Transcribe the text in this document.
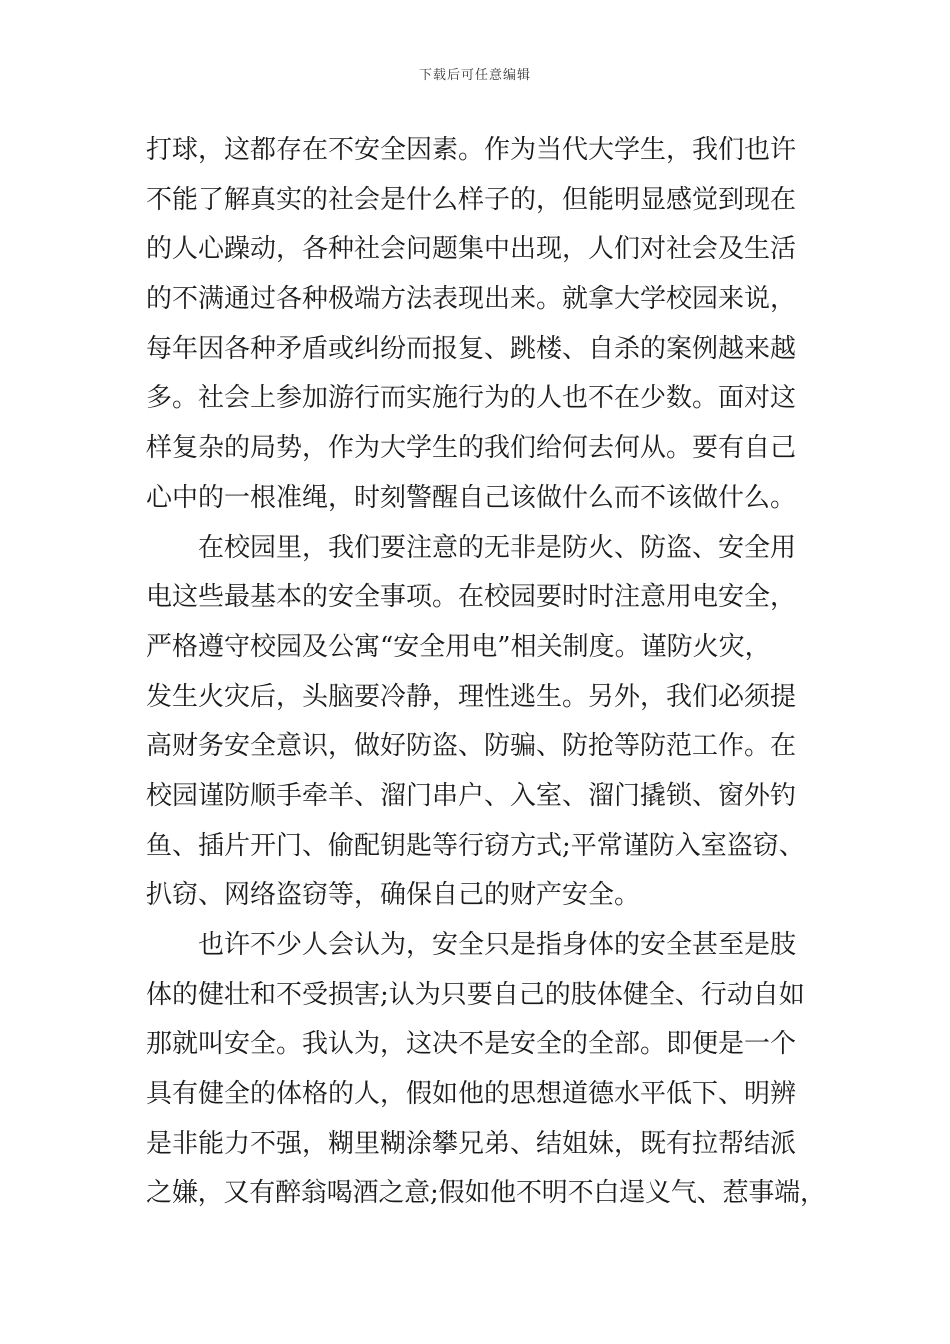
下载后可任意编辑
打球，这都存在不安全因素。作为当代大学生，我们也许
不能了解真实的社会是什么样子的，但能明显感觉到现在
的人心躁动，各种社会问题集中出现，人们对社会及生活
的不满通过各种极端方法表现出来。就拿大学校园来说，
每年因各种矛盾或纠纷而报复、跳楼、自杀的案例越来越
多。社会上参加游行而实施行为的人也不在少数。面对这
样复杂的局势，作为大学生的我们给何去何从。要有自己
心中的一根准绳，时刻警醒自己该做什么而不该做什么。
在校园里，我们要注意的无非是防火、防盗、安全用
电这些最基本的安全事项。在校园要时时注意用电安全，
严格遵守校园及公寓“安全用电”相关制度。谨防火灾，
发生火灾后，头脑要冷静，理性逃生。另外，我们必须提
高财务安全意识，做好防盗、防骗、防抢等防范工作。在
校园谨防顺手牵羊、溜门串户、入室、溜门撬锁、窗外钓
鱼、插片开门、偷配钥匙等行窃方式;平常谨防入室盗窃、
扒窃、网络盗窃等，确保自己的财产安全。
也许不少人会认为，安全只是指身体的安全甚至是肢
体的健壮和不受损害;认为只要自己的肢体健全、行动自如
那就叫安全。我认为，这决不是安全的全部。即便是一个
具有健全的体格的人，假如他的思想道德水平低下、明辨
是非能力不强，糊里糊涂攀兄弟、结姐妹，既有拉帮结派
之嫌，又有醉翁喝酒之意;假如他不明不白逞义气、惹事端，
